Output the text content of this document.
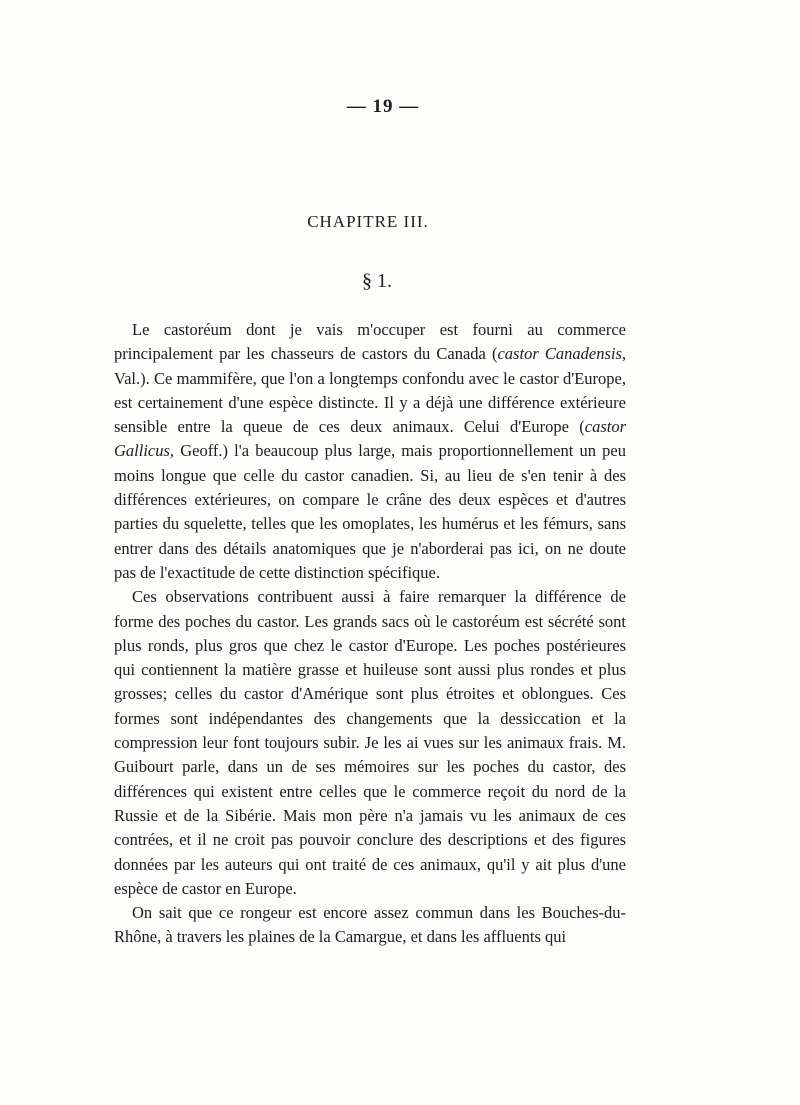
— 19 —
CHAPITRE III.
§ 1.

Le castoréum dont je vais m'occuper est fourni au commerce principalement par les chasseurs de castors du Canada (castor Canadensis, Val.). Ce mammifère, que l'on a longtemps confondu avec le castor d'Europe, est certainement d'une espèce distincte. Il y a déjà une différence extérieure sensible entre la queue de ces deux animaux. Celui d'Europe (castor Gallicus, Geoff.) l'a beaucoup plus large, mais proportionnellement un peu moins longue que celle du castor canadien. Si, au lieu de s'en tenir à des différences extérieures, on compare le crâne des deux espèces et d'autres parties du squelette, telles que les omoplates, les humérus et les fémurs, sans entrer dans des détails anatomiques que je n'aborderai pas ici, on ne doute pas de l'exactitude de cette distinction spécifique.

Ces observations contribuent aussi à faire remarquer la différence de forme des poches du castor. Les grands sacs où le castoréum est sécrété sont plus ronds, plus gros que chez le castor d'Europe. Les poches postérieures qui contiennent la matière grasse et huileuse sont aussi plus rondes et plus grosses; celles du castor d'Amérique sont plus étroites et oblongues. Ces formes sont indépendantes des changements que la dessiccation et la compression leur font toujours subir. Je les ai vues sur les animaux frais. M. Guibourt parle, dans un de ses mémoires sur les poches du castor, des différences qui existent entre celles que le commerce reçoit du nord de la Russie et de la Sibérie. Mais mon père n'a jamais vu les animaux de ces contrées, et il ne croit pas pouvoir conclure des descriptions et des figures données par les auteurs qui ont traité de ces animaux, qu'il y ait plus d'une espèce de castor en Europe.

On sait que ce rongeur est encore assez commun dans les Bouches-du-Rhône, à travers les plaines de la Camargue, et dans les affluents qui
